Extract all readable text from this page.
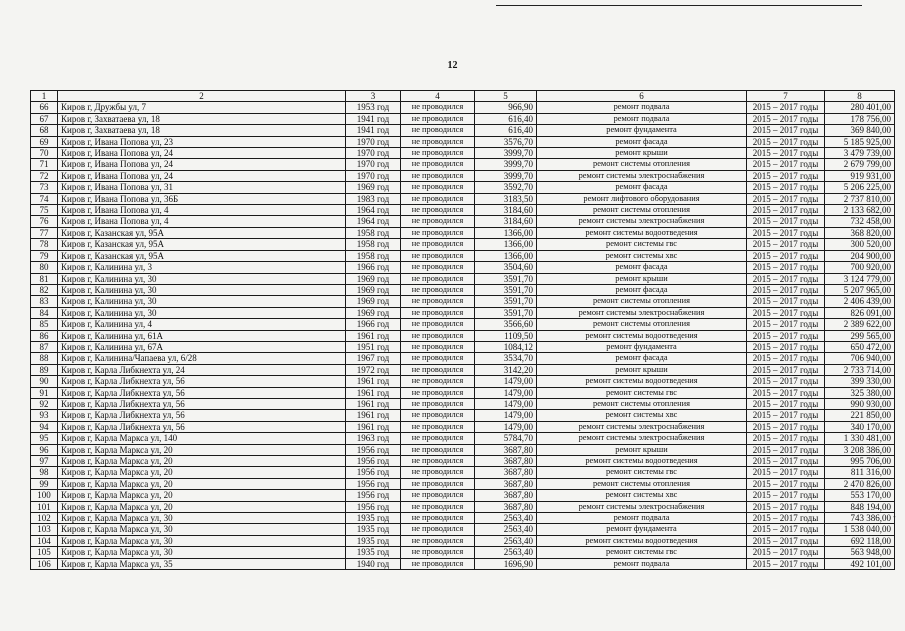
12
-
1	2	3	4	5	6	7	8
66	Киров г, Дружбы ул, 7	1953 год	не проводился	966,90	ремонт подвала	2015 – 2017 годы	280 401,00
67	Киров г, Захватаева ул, 18	1941 год	не проводился	616,40	ремонт подвала	2015 – 2017 годы	178 756,00
68	Киров г, Захватаева ул, 18	1941 год	не проводился	616,40	ремонт фундамента	2015 – 2017 годы	369 840,00
69	Киров г, Ивана Попова ул, 23	1970 год	не проводился	3576,70	ремонт фасада	2015 – 2017 годы	5 185 925,00
70	Киров г, Ивана Попова ул, 24	1970 год	не проводился	3999,70	ремонт крыши	2015 – 2017 годы	3 479 739,00
71	Киров г, Ивана Попова ул, 24	1970 год	не проводился	3999,70	ремонт системы отопления	2015 – 2017 годы	2 679 799,00
72	Киров г, Ивана Попова ул, 24	1970 год	не проводился	3999,70	ремонт системы электроснабжения	2015 – 2017 годы	919 931,00
73	Киров г, Ивана Попова ул, 31	1969 год	не проводился	3592,70	ремонт фасада	2015 – 2017 годы	5 206 225,00
74	Киров г, Ивана Попова ул, 36Б	1983 год	не проводился	3183,50	ремонт лифтового оборудования	2015 – 2017 годы	2 737 810,00
75	Киров г, Ивана Попова ул, 4	1964 год	не проводился	3184,60	ремонт системы отопления	2015 – 2017 годы	2 133 682,00
76	Киров г, Ивана Попова ул, 4	1964 год	не проводился	3184,60	ремонт системы электроснабжения	2015 – 2017 годы	732 458,00
77	Киров г, Казанская ул, 95А	1958 год	не проводился	1366,00	ремонт системы водоотведения	2015 – 2017 годы	368 820,00
78	Киров г, Казанская ул, 95А	1958 год	не проводился	1366,00	ремонт системы гвс	2015 – 2017 годы	300 520,00
79	Киров г, Казанская ул, 95А	1958 год	не проводился	1366,00	ремонт системы хвс	2015 – 2017 годы	204 900,00
80	Киров г, Калинина ул, 3	1966 год	не проводился	3504,60	ремонт фасада	2015 – 2017 годы	700 920,00
81	Киров г, Калинина ул, 30	1969 год	не проводился	3591,70	ремонт крыши	2015 – 2017 годы	3 124 779,00
82	Киров г, Калинина ул, 30	1969 год	не проводился	3591,70	ремонт фасада	2015 – 2017 годы	5 207 965,00
83	Киров г, Калинина ул, 30	1969 год	не проводился	3591,70	ремонт системы отопления	2015 – 2017 годы	2 406 439,00
84	Киров г, Калинина ул, 30	1969 год	не проводился	3591,70	ремонт системы электроснабжения	2015 – 2017 годы	826 091,00
85	Киров г, Калинина ул, 4	1966 год	не проводился	3566,60	ремонт системы отопления	2015 – 2017 годы	2 389 622,00
86	Киров г, Калинина ул, 61А	1961 год	не проводился	1109,50	ремонт системы водоотведения	2015 – 2017 годы	299 565,00
87	Киров г, Калинина ул, 67А	1951 год	не проводился	1084,12	ремонт фундамента	2015 – 2017 годы	650 472,00
88	Киров г, Калинина/Чапаева ул, 6/28	1967 год	не проводился	3534,70	ремонт фасада	2015 – 2017 годы	706 940,00
89	Киров г, Карла Либкнехта ул, 24	1972 год	не проводился	3142,20	ремонт крыши	2015 – 2017 годы	2 733 714,00
90	Киров г, Карла Либкнехта ул, 56	1961 год	не проводился	1479,00	ремонт системы водоотведения	2015 – 2017 годы	399 330,00
91	Киров г, Карла Либкнехта ул, 56	1961 год	не проводился	1479,00	ремонт системы гвс	2015 – 2017 годы	325 380,00
92	Киров г, Карла Либкнехта ул, 56	1961 год	не проводился	1479,00	ремонт системы отопления	2015 – 2017 годы	990 930,00
93	Киров г, Карла Либкнехта ул, 56	1961 год	не проводился	1479,00	ремонт системы хвс	2015 – 2017 годы	221 850,00
94	Киров г, Карла Либкнехта ул, 56	1961 год	не проводился	1479,00	ремонт системы электроснабжения	2015 – 2017 годы	340 170,00
95	Киров г, Карла Маркса ул, 140	1963 год	не проводился	5784,70	ремонт системы электроснабжения	2015 – 2017 годы	1 330 481,00
96	Киров г, Карла Маркса ул, 20	1956 год	не проводился	3687,80	ремонт крыши	2015 – 2017 годы	3 208 386,00
97	Киров г, Карла Маркса ул, 20	1956 год	не проводился	3687,80	ремонт системы водоотведения	2015 – 2017 годы	995 706,00
98	Киров г, Карла Маркса ул, 20	1956 год	не проводился	3687,80	ремонт системы гвс	2015 – 2017 годы	811 316,00
99	Киров г, Карла Маркса ул, 20	1956 год	не проводился	3687,80	ремонт системы отопления	2015 – 2017 годы	2 470 826,00
100	Киров г, Карла Маркса ул, 20	1956 год	не проводился	3687,80	ремонт системы хвс	2015 – 2017 годы	553 170,00
101	Киров г, Карла Маркса ул, 20	1956 год	не проводился	3687,80	ремонт системы электроснабжения	2015 – 2017 годы	848 194,00
102	Киров г, Карла Маркса ул, 30	1935 год	не проводился	2563,40	ремонт подвала	2015 – 2017 годы	743 386,00
103	Киров г, Карла Маркса ул, 30	1935 год	не проводился	2563,40	ремонт фундамента	2015 – 2017 годы	1 538 040,00
104	Киров г, Карла Маркса ул, 30	1935 год	не проводился	2563,40	ремонт системы водоотведения	2015 – 2017 годы	692 118,00
105	Киров г, Карла Маркса ул, 30	1935 год	не проводился	2563,40	ремонт системы гвс	2015 – 2017 годы	563 948,00
106	Киров г, Карла Маркса ул, 35	1940 год	не проводился	1696,90	ремонт подвала	2015 – 2017 годы	492 101,00
